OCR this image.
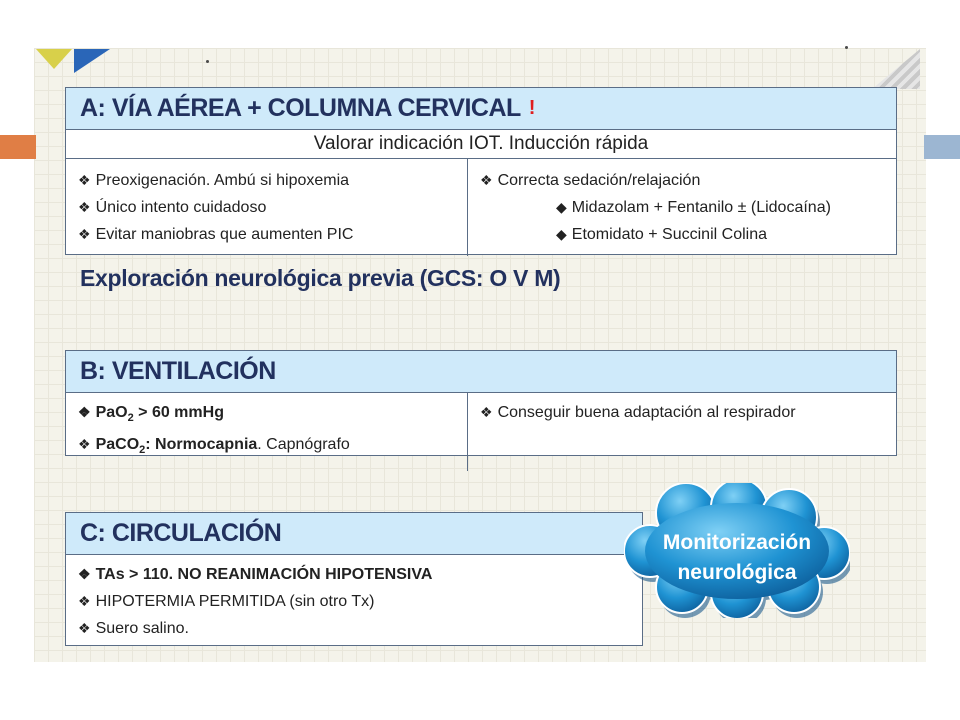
A: VÍA AÉREA + COLUMNA CERVICAL !
Valorar indicación IOT. Inducción rápida
❖ Preoxigenación. Ambú si hipoxemia
❖ Único intento cuidadoso
❖ Evitar maniobras que aumenten PIC
❖ Correcta sedación/relajación
◆ Midazolam + Fentanilo ± (Lidocaína)
◆ Etomidato + Succinil Colina
Exploración neurológica previa (GCS: O V M)
B: VENTILACIÓN
❖ PaO$_2$ > 60 mmHg
❖ PaCO$_2$: Normocapnia. Capnógrafo
❖ Conseguir buena adaptación al respirador
C: CIRCULACIÓN
❖ TAs > 110. NO REANIMACIÓN HIPOTENSIVA
❖ HIPOTERMIA PERMITIDA (sin otro Tx)
❖ Suero salino.
Monitorización
neurológica
